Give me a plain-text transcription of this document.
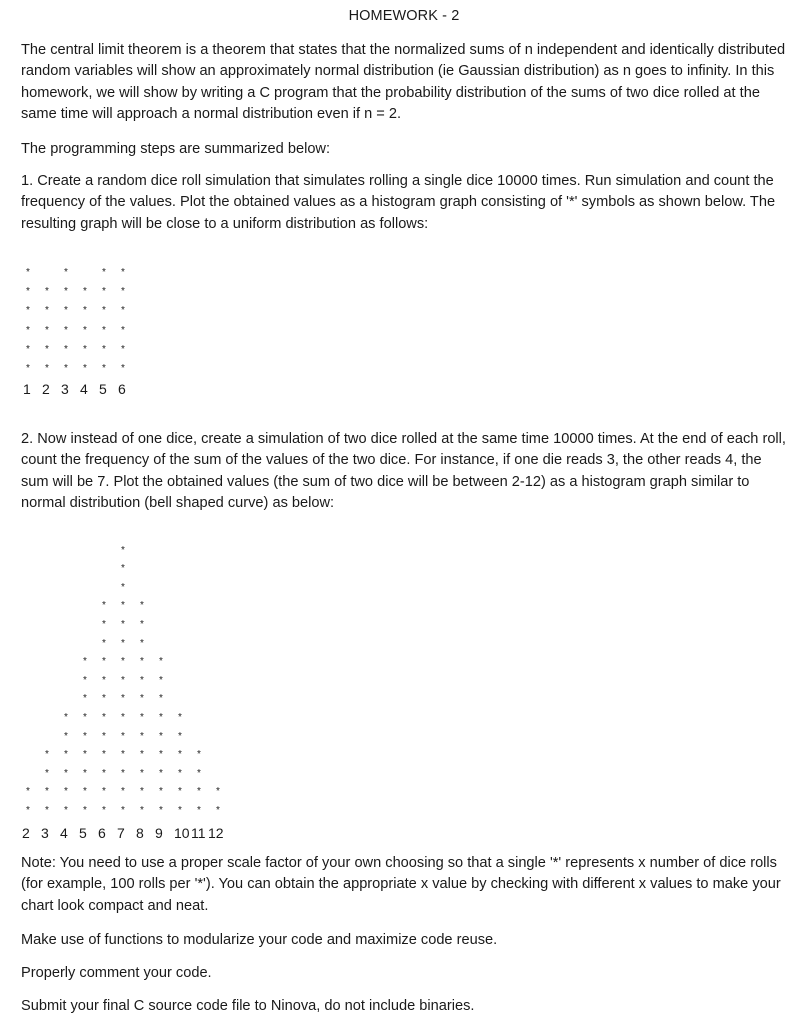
HOMEWORK - 2

The central limit theorem is a theorem that states that the normalized sums of n independent and identically distributed random variables will show an approximately normal distribution (ie Gaussian distribution) as n goes to infinity. In this homework, we will show by writing a C program that the probability distribution of the sums of two dice rolled at the same time will approach a normal distribution even if n = 2.

The programming steps are summarized below:

1. Create a random dice roll simulation that simulates rolling a single dice 10000 times. Run simulation and count the frequency of the values. Plot the obtained values as a histogram graph consisting of '*' symbols as shown below. The resulting graph will be close to a uniform distribution as follows:

*
*
*
*
*
*
1
*
*
*
*
*
2
*
*
*
*
*
*
3
*
*
*
*
*
4
*
*
*
*
*
*
5
*
*
*
*
*
*
6

2. Now instead of one dice, create a simulation of two dice rolled at the same time 10000 times. At the end of each roll, count the frequency of the sum of the values of the two dice. For instance, if one die reads 3, the other reads 4, the sum will be 7. Plot the obtained values (the sum of two dice will be between 2-12) as a histogram graph similar to normal distribution (bell shaped curve) as below:

*
*
2
*
*
*
*
3
*
*
*
*
*
*
4
*
*
*
*
*
*
*
*
*
5
*
*
*
*
*
*
*
*
*
*
*
*
6
*
*
*
*
*
*
*
*
*
*
*
*
*
*
*
7
*
*
*
*
*
*
*
*
*
*
*
*
8
*
*
*
*
*
*
*
*
*
9
*
*
*
*
*
*
10
*
*
*
*
11
*
*
12

Note: You need to use a proper scale factor of your own choosing so that a single '*' represents x number of dice rolls (for example, 100 rolls per '*'). You can obtain the appropriate x value by checking with different x values to make your chart look compact and neat.

Make use of functions to modularize your code and maximize code reuse.

Properly comment your code.

Submit your final C source code file to Ninova, do not include binaries.
